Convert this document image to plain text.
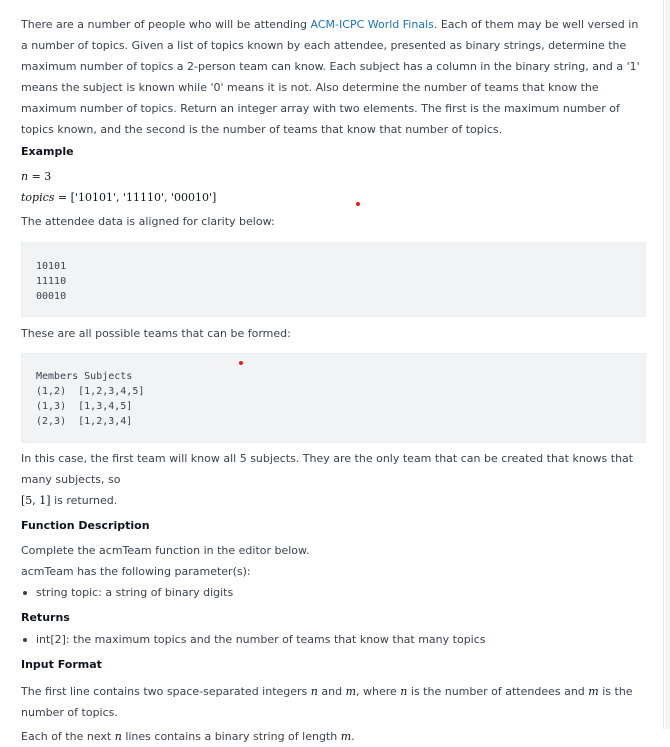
There are a number of people who will be attending ACM-ICPC World Finals. Each of them may be well versed in a number of topics. Given a list of topics known by each attendee, presented as binary strings, determine the maximum number of topics a 2-person team can know. Each subject has a column in the binary string, and a '1' means the subject is known while '0' means it is not. Also determine the number of teams that know the maximum number of topics. Return an integer array with two elements. The first is the maximum number of topics known, and the second is the number of teams that know that number of topics.

Example

n = 3

topics = ['10101', '11110', '00010']

The attendee data is aligned for clarity below:

10101
11110
00010

These are all possible teams that can be formed:

Members Subjects
(1,2)  [1,2,3,4,5]
(1,3)  [1,3,4,5]
(2,3)  [1,2,3,4]

In this case, the first team will know all 5 subjects. They are the only team that can be created that knows that many subjects, so
[5, 1] is returned.

Function Description

Complete the acmTeam function in the editor below.

acmTeam has the following parameter(s):

string topic: a string of binary digits
Returns
int[2]: the maximum topics and the number of teams that know that many topics
Input Format

The first line contains two space-separated integers n and m, where n is the number of attendees and m is the number of topics.

Each of the next n lines contains a binary string of length m.
